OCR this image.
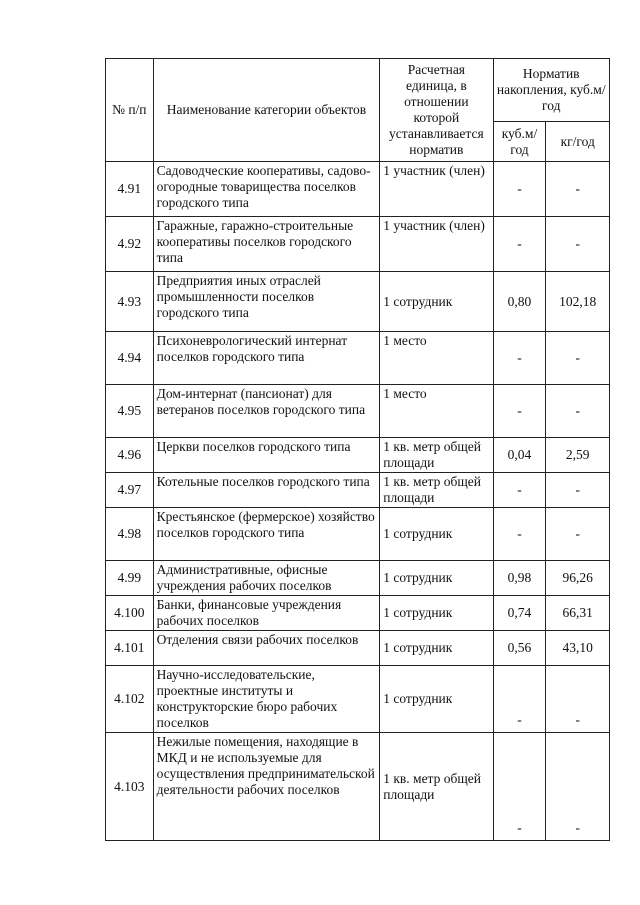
№ п/п	Наименование категории объектов	Расчетная единица, в отношении которой устанавливается норматив	Норматив накопления, куб.м/ год	
			куб.м/ год	кг/год
4.91	Садоводческие кооперативы, садово-огородные товарищества поселков городского типа	1 участник (член)	-	-
4.92	Гаражные, гаражно-строительные кооперативы поселков городского типа	1 участник (член)	-	-
4.93	Предприятия иных отраслей промышленности поселков городского типа	1 сотрудник	0,80	102,18
4.94	Психоневрологический интернат поселков городского типа	1 место	-	-
4.95	Дом-интернат (пансионат) для ветеранов поселков городского типа	1 место	-	-
4.96	Церкви поселков городского типа	1 кв. метр общей площади	0,04	2,59
4.97	Котельные поселков городского типа	1 кв. метр общей площади	-	-
4.98	Крестьянское (фермерское) хозяйство поселков городского типа	1 сотрудник	-	-
4.99	Административные, офисные учреждения рабочих поселков	1 сотрудник	0,98	96,26
4.100	Банки, финансовые учреждения рабочих поселков	1 сотрудник	0,74	66,31
4.101	Отделения связи рабочих поселков	1 сотрудник	0,56	43,10
4.102	Научно-исследовательские, проектные институты и конструкторские бюро рабочих поселков	1 сотрудник	-	-
4.103	Нежилые помещения, находящие в МКД и не используемые для осуществления предпринимательской деятельности рабочих поселков	1 кв. метр общей площади	-	-
